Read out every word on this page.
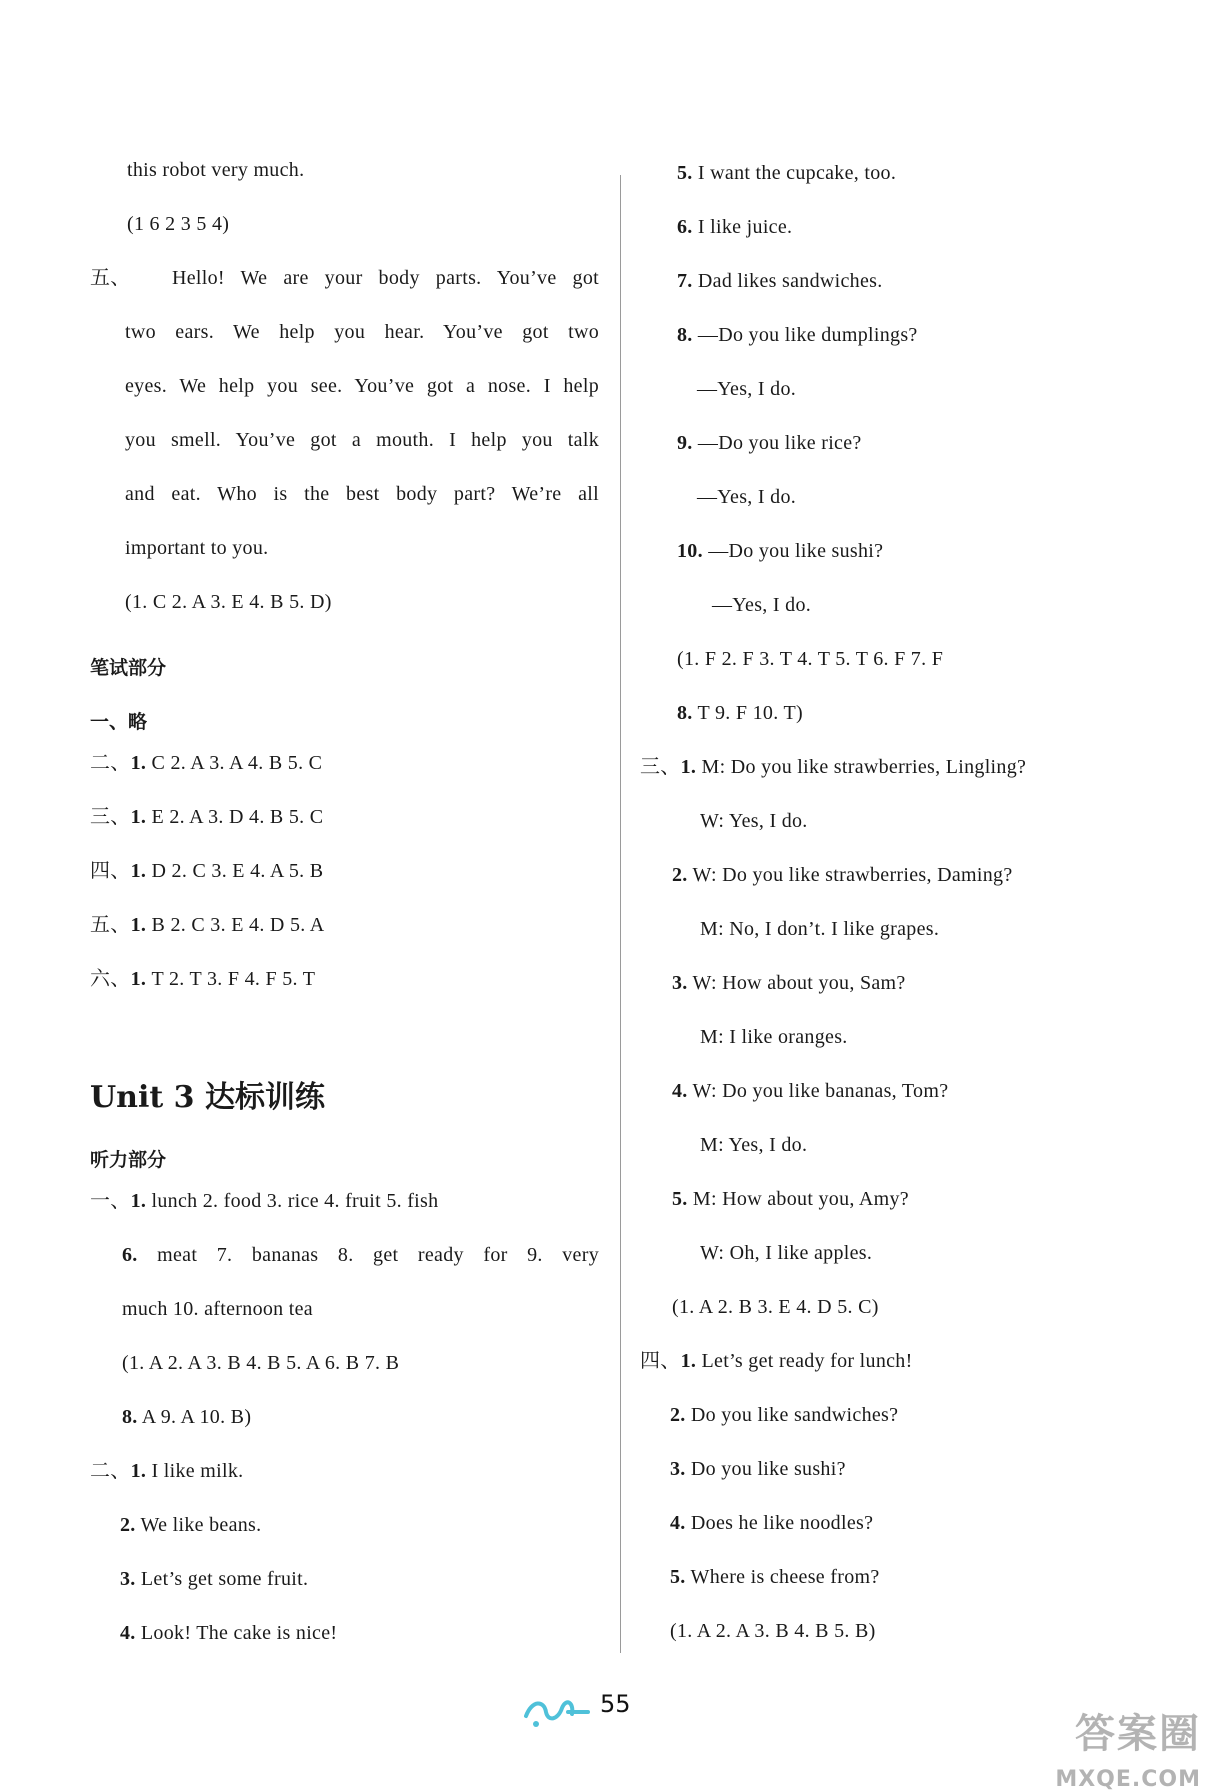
this robot very much.
(1 6 2 3 5 4)
五、 Hello! We are your body parts. You’ve got
two ears. We help you hear. You’ve got two
eyes. We help you see. You’ve got a nose. I help
you smell. You’ve got a mouth. I help you talk
and eat. Who is the best body part? We’re all
important to you.
(1. C 2. A 3. E 4. B 5. D)
笔试部分
一、略
二、1. C 2. A 3. A 4. B 5. C
三、1. E 2. A 3. D 4. B 5. C
四、1. D 2. C 3. E 4. A 5. B
五、1. B 2. C 3. E 4. D 5. A
六、1. T 2. T 3. F 4. F 5. T
Unit 3 达标训练
听力部分
一、1. lunch 2. food 3. rice 4. fruit 5. fish
6. meat 7. bananas 8. get ready for 9. very
much 10. afternoon tea
(1. A 2. A 3. B 4. B 5. A 6. B 7. B
8. A 9. A 10. B)
二、1. I like milk.
2. We like beans.
3. Let’s get some fruit.
4. Look! The cake is nice!
5. I want the cupcake, too.
6. I like juice.
7. Dad likes sandwiches.
8. —Do you like dumplings?
—Yes, I do.
9. —Do you like rice?
—Yes, I do.
10. —Do you like sushi?
—Yes, I do.
(1. F 2. F 3. T 4. T 5. T 6. F 7. F
8. T 9. F 10. T)
三、1. M: Do you like strawberries, Lingling?
W: Yes, I do.
2. W: Do you like strawberries, Daming?
M: No, I don’t. I like grapes.
3. W: How about you, Sam?
M: I like oranges.
4. W: Do you like bananas, Tom?
M: Yes, I do.
5. M: How about you, Amy?
W: Oh, I like apples.
(1. A 2. B 3. E 4. D 5. C)
四、1. Let’s get ready for lunch!
2. Do you like sandwiches?
3. Do you like sushi?
4. Does he like noodles?
5. Where is cheese from?
(1. A 2. A 3. B 4. B 5. B)
55
答案圈
MXQE.COM
